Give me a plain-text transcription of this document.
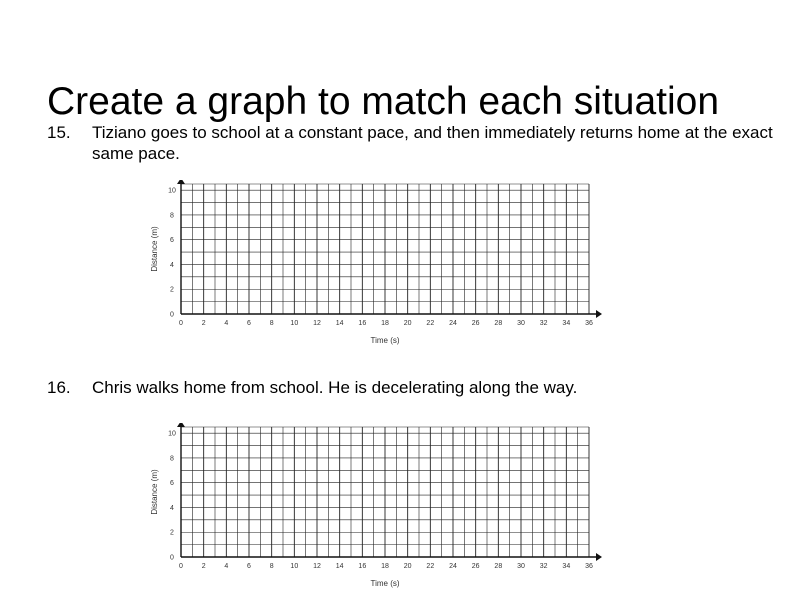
Create a graph to match each situation
15. Tiziano goes to school at a constant pace, and then immediately returns home at the exact same pace.
0	2	4	6	8 10 12 14 16 18 20 22 24 26 28 30 32 34 36
0
2
4
6
8
10
Time (s)
Distance (m)
16. Chris walks home from school. He is decelerating along the way.
0	2	4	6	8 10 12 14 16 18 20 22 24 26 28 30 32 34 36
0
2
4
6
8
10
Time (s)
Distance (m)
